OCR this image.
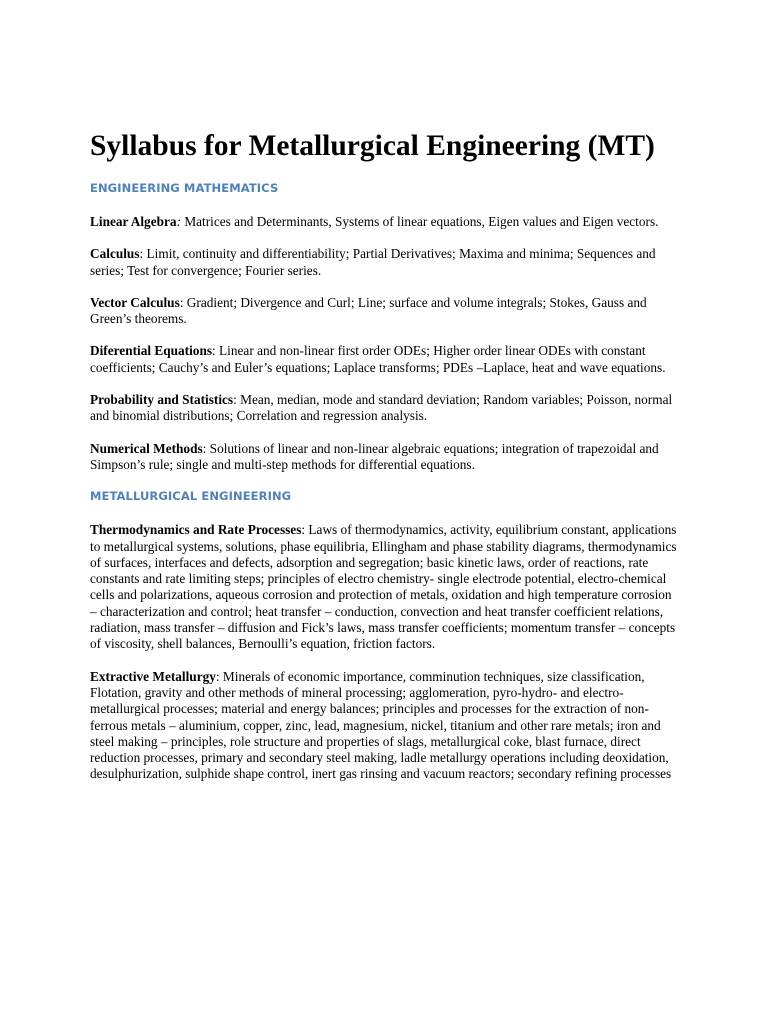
Syllabus for Metallurgical Engineering (MT)
ENGINEERING MATHEMATICS

Linear Algebra: Matrices and Determinants, Systems of linear equations, Eigen values and Eigen vectors.

Calculus: Limit, continuity and differentiability; Partial Derivatives; Maxima and minima; Sequences and series; Test for convergence; Fourier series.

Vector Calculus: Gradient; Divergence and Curl; Line; surface and volume integrals; Stokes, Gauss and Green’s theorems.

Diferential Equations: Linear and non-linear first order ODEs; Higher order linear ODEs with constant coefficients; Cauchy’s and Euler’s equations; Laplace transforms; PDEs –Laplace, heat and wave equations.

Probability and Statistics: Mean, median, mode and standard deviation; Random variables; Poisson, normal and binomial distributions; Correlation and regression analysis.

Numerical Methods: Solutions of linear and non-linear algebraic equations; integration of trapezoidal and Simpson’s rule; single and multi-step methods for differential equations.

METALLURGICAL ENGINEERING

Thermodynamics and Rate Processes: Laws of thermodynamics, activity, equilibrium constant, applications to metallurgical systems, solutions, phase equilibria, Ellingham and phase stability diagrams, thermodynamics of surfaces, interfaces and defects, adsorption and segregation; basic kinetic laws, order of reactions, rate constants and rate limiting steps; principles of electro chemistry- single electrode potential, electro-chemical cells and polarizations, aqueous corrosion and protection of metals, oxidation and high temperature corrosion – characterization and control; heat transfer – conduction, convection and heat transfer coefficient relations, radiation, mass transfer – diffusion and Fick’s laws, mass transfer coefficients; momentum transfer – concepts of viscosity, shell balances, Bernoulli’s equation, friction factors.

Extractive Metallurgy: Minerals of economic importance, comminution techniques, size classification, Flotation, gravity and other methods of mineral processing; agglomeration, pyro-hydro- and electro-metallurgical processes; material and energy balances; principles and processes for the extraction of non-ferrous metals – aluminium, copper, zinc, lead, magnesium, nickel, titanium and other rare metals; iron and steel making – principles, role structure and properties of slags, metallurgical coke, blast furnace, direct reduction processes, primary and secondary steel making, ladle metallurgy operations including deoxidation, desulphurization, sulphide shape control, inert gas rinsing and vacuum reactors; secondary refining processes
